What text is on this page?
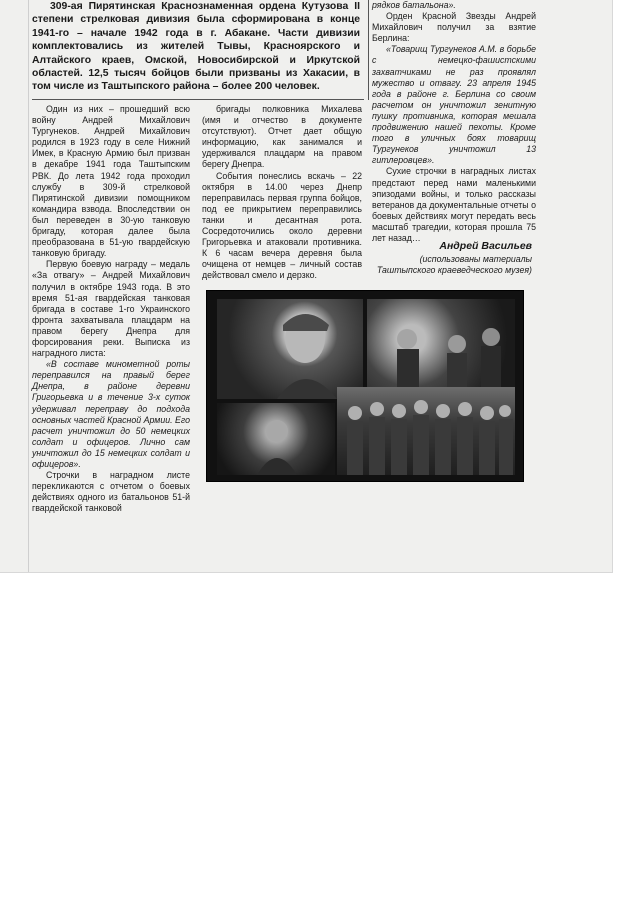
309-ая Пирятинская Краснознаменная ордена Кутузова II степени стрелковая дивизия была сформирована в конце 1941-го – начале 1942 года в г. Абакане. Части дивизии комплектовались из жителей Тывы, Красноярского и Алтайского краев, Омской, Новосибирской и Иркутской областей. 12,5 тысяч бойцов были призваны из Хакасии, в том числе из Таштыпского района – более 200 человек.

Один из них – прошедший всю войну Андрей Михайлович Тургунеков. Андрей Михайлович родился в 1923 году в селе Нижний Имек, в Красную Армию был призван в декабре 1941 года Таштыпским РВК. До лета 1942 года проходил службу в 309-й стрелковой Пирятинской дивизии помощником командира взвода. Впоследствии он был переведен в 30-ую танковую бригаду, которая далее была преобразована в 51-ую гвардейскую танковую бригаду.

Первую боевую награду – медаль «За отвагу» – Андрей Михайлович получил в октябре 1943 года. В это время 51-ая гвардейская танковая бригада в составе 1-го Украинского фронта захватывала плацдарм на правом берегу Днепра для форсирования реки. Выписка из наградного листа:

«В составе минометной роты переправился на правый берег Днепра, в районе деревни Григорьевка и в течение 3-х суток удерживал переправу до подхода основных частей Красной Армии. Его расчет уничтожил до 50 немецких солдат и офицеров. Лично сам уничтожил до 15 немецких солдат и офицеров».

Строчки в наградном листе перекликаются с отчетом о боевых действиях одного из батальонов 51-й гвардейской танковой

бригады полковника Михалева (имя и отчество в документе отсутствуют). Отчет дает общую информацию, как занимался и удерживался плацдарм на правом берегу Днепра.

События понеслись вскачь – 22 октября в 14.00 через Днепр переправилась первая группа бойцов, под ее прикрытием переправились танки и десантная рота. Сосредоточились около деревни Григорьевка и атаковали противника. К 6 часам вечера деревня была очищена от немцев – личный состав действовал смело и дерзко.

рядков батальона».

Орден Красной Звезды Андрей Михайлович получил за взятие Берлина:

«Товарищ Тургунеков А.М. в борьбе с немецко-фашистскими захватчиками не раз проявлял мужество и отвагу. 23 апреля 1945 года в районе г. Берлина со своим расчетом он уничтожил зенитную пушку противника, которая мешала продвижению нашей пехоты. Кроме того в уличных боях товарищ Тургунеков уничтожил 13 гитлеровцев».

Сухие строчки в наградных листах предстают перед нами маленькими эпизодами войны, и только рассказы ветеранов да документальные отчеты о боевых действиях могут передать весь масштаб трагедии, которая прошла 75 лет назад…

Андрей Васильев

(использованы материалы Таштыпского краеведческого музея)
